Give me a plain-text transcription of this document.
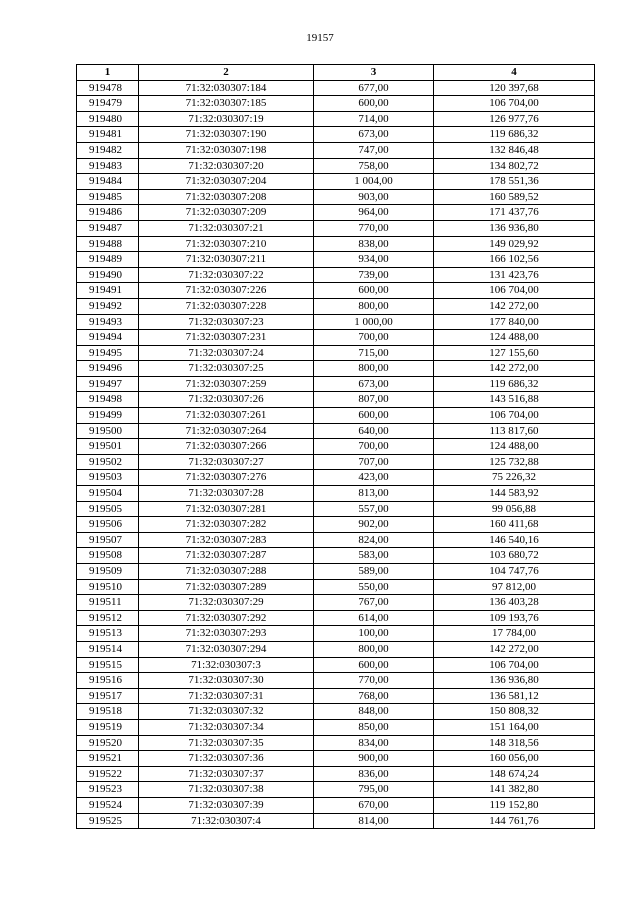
19157
1	2	3	4
919478	71:32:030307:184	677,00	120 397,68
919479	71:32:030307:185	600,00	106 704,00
919480	71:32:030307:19	714,00	126 977,76
919481	71:32:030307:190	673,00	119 686,32
919482	71:32:030307:198	747,00	132 846,48
919483	71:32:030307:20	758,00	134 802,72
919484	71:32:030307:204	1 004,00	178 551,36
919485	71:32:030307:208	903,00	160 589,52
919486	71:32:030307:209	964,00	171 437,76
919487	71:32:030307:21	770,00	136 936,80
919488	71:32:030307:210	838,00	149 029,92
919489	71:32:030307:211	934,00	166 102,56
919490	71:32:030307:22	739,00	131 423,76
919491	71:32:030307:226	600,00	106 704,00
919492	71:32:030307:228	800,00	142 272,00
919493	71:32:030307:23	1 000,00	177 840,00
919494	71:32:030307:231	700,00	124 488,00
919495	71:32:030307:24	715,00	127 155,60
919496	71:32:030307:25	800,00	142 272,00
919497	71:32:030307:259	673,00	119 686,32
919498	71:32:030307:26	807,00	143 516,88
919499	71:32:030307:261	600,00	106 704,00
919500	71:32:030307:264	640,00	113 817,60
919501	71:32:030307:266	700,00	124 488,00
919502	71:32:030307:27	707,00	125 732,88
919503	71:32:030307:276	423,00	75 226,32
919504	71:32:030307:28	813,00	144 583,92
919505	71:32:030307:281	557,00	99 056,88
919506	71:32:030307:282	902,00	160 411,68
919507	71:32:030307:283	824,00	146 540,16
919508	71:32:030307:287	583,00	103 680,72
919509	71:32:030307:288	589,00	104 747,76
919510	71:32:030307:289	550,00	97 812,00
919511	71:32:030307:29	767,00	136 403,28
919512	71:32:030307:292	614,00	109 193,76
919513	71:32:030307:293	100,00	17 784,00
919514	71:32:030307:294	800,00	142 272,00
919515	71:32:030307:3	600,00	106 704,00
919516	71:32:030307:30	770,00	136 936,80
919517	71:32:030307:31	768,00	136 581,12
919518	71:32:030307:32	848,00	150 808,32
919519	71:32:030307:34	850,00	151 164,00
919520	71:32:030307:35	834,00	148 318,56
919521	71:32:030307:36	900,00	160 056,00
919522	71:32:030307:37	836,00	148 674,24
919523	71:32:030307:38	795,00	141 382,80
919524	71:32:030307:39	670,00	119 152,80
919525	71:32:030307:4	814,00	144 761,76
